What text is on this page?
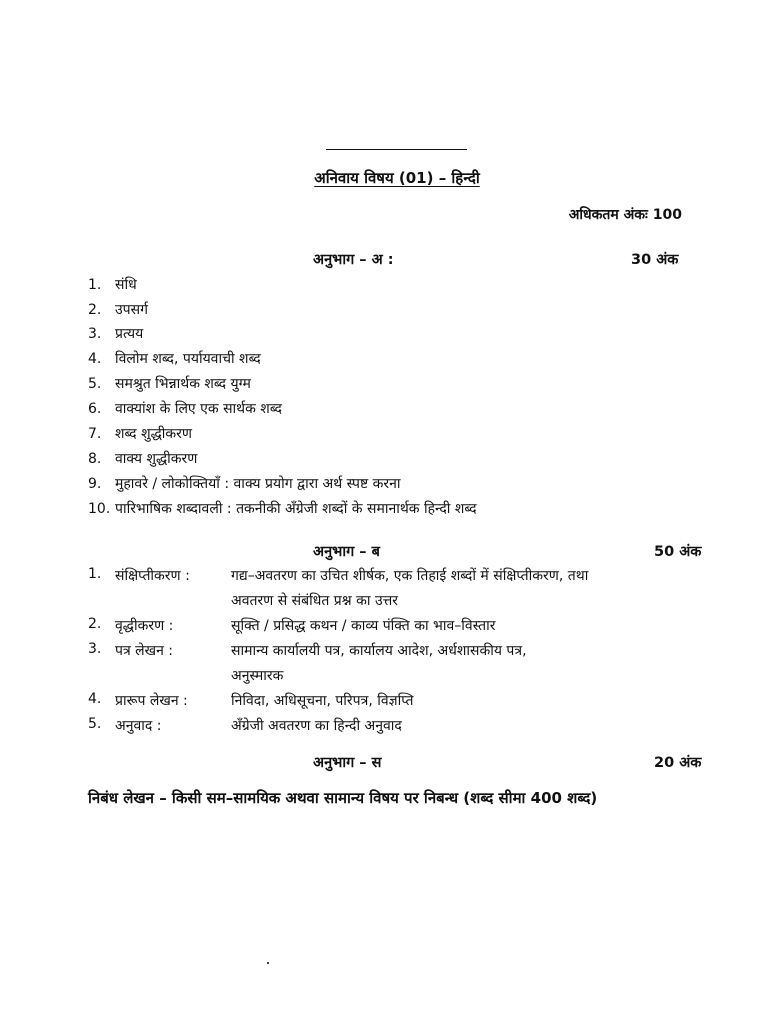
अनिवाय विषय (01) – हिन्दी
अधिकतम अंकः 100
अनुभाग – अ :	30 अंक
1. संधि
2. उपसर्ग
3. प्रत्यय
4. विलोम शब्द, पर्यायवाची शब्द
5. समश्रुत भिन्नार्थक शब्द युग्म
6. वाक्यांश के लिए एक सार्थक शब्द
7. शब्द शुद्धीकरण
8. वाक्य शुद्धीकरण
9. मुहावरे / लोकोक्तियाँ : वाक्य प्रयोग द्वारा अर्थ स्पष्ट करना
10. पारिभाषिक शब्दावली : तकनीकी अँग्रेजी शब्दों के समानार्थक हिन्दी शब्द
अनुभाग – ब	50 अंक
1. संक्षिप्तीकरण :	गद्य–अवतरण का उचित शीर्षक, एक तिहाई शब्दों में संक्षिप्तीकरण, तथा
अवतरण से संबंधित प्रश्न का उत्तर
2. वृद्धीकरण :	सूक्ति / प्रसिद्ध कथन / काव्य पंक्ति का भाव–विस्तार
3. पत्र लेखन :	सामान्य कार्यालयी पत्र, कार्यालय आदेश, अर्धशासकीय पत्र,
अनुस्मारक
4. प्रारूप लेखन :	निविदा, अधिसूचना, परिपत्र, विज्ञप्ति
5. अनुवाद :	अँग्रेजी अवतरण का हिन्दी अनुवाद
अनुभाग – स	20 अंक
निबंध लेखन – किसी सम–सामयिक अथवा सामान्य विषय पर निबन्ध (शब्द सीमा 400 शब्द)
